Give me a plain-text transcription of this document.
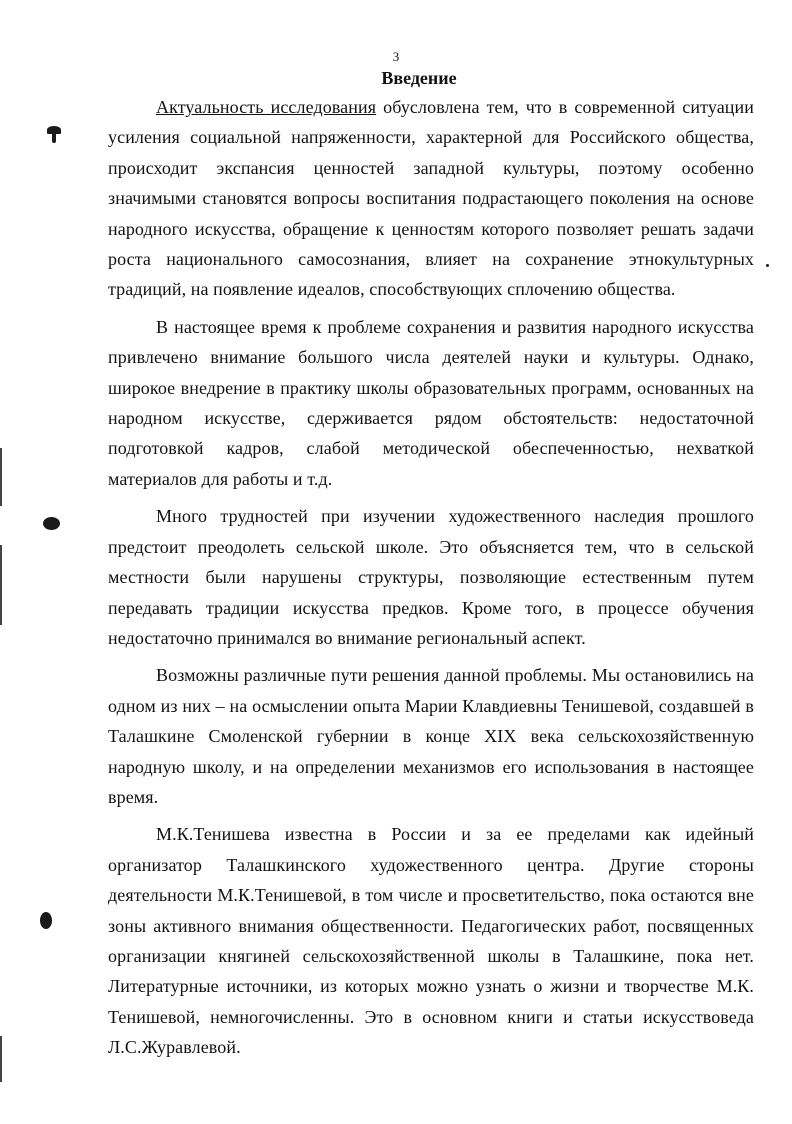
3
Введение

Актуальность исследования обусловлена тем, что в современной ситуации усиления социальной напряженности, характерной для Российского общества, происходит экспансия ценностей западной культуры, поэтому особенно значимыми становятся вопросы воспитания подрастающего поколения на основе народного искусства, обращение к ценностям которого позволяет решать задачи роста национального самосознания, влияет на сохранение этнокультурных традиций, на появление идеалов, способствующих сплочению общества.

В настоящее время к проблеме сохранения и развития народного искусства привлечено внимание большого числа деятелей науки и культуры. Однако, широкое внедрение в практику школы образовательных программ, основанных на народном искусстве, сдерживается рядом обстоятельств: недостаточной подготовкой кадров, слабой методической обеспеченностью, нехваткой материалов для работы и т.д.

Много трудностей при изучении художественного наследия прошлого предстоит преодолеть сельской школе. Это объясняется тем, что в сельской местности были нарушены структуры, позволяющие естественным путем передавать традиции искусства предков. Кроме того, в процессе обучения недостаточно принимался во внимание региональный аспект.

Возможны различные пути решения данной проблемы. Мы остановились на одном из них – на осмыслении опыта Марии Клавдиевны Тенишевой, создавшей в Талашкине Смоленской губернии в конце XIX века сельскохозяйственную народную школу, и на определении механизмов его использования в настоящее время.

М.К.Тенишева известна в России и за ее пределами как идейный организатор Талашкинского художественного центра. Другие стороны деятельности М.К.Тенишевой, в том числе и просветительство, пока остаются вне зоны активного внимания общественности. Педагогических работ, посвященных организации княгиней сельскохозяйственной школы в Талашкине, пока нет. Литературные источники, из которых можно узнать о жизни и творчестве М.К. Тенишевой, немногочисленны. Это в основном книги и статьи искусствоведа Л.С.Журавлевой.
